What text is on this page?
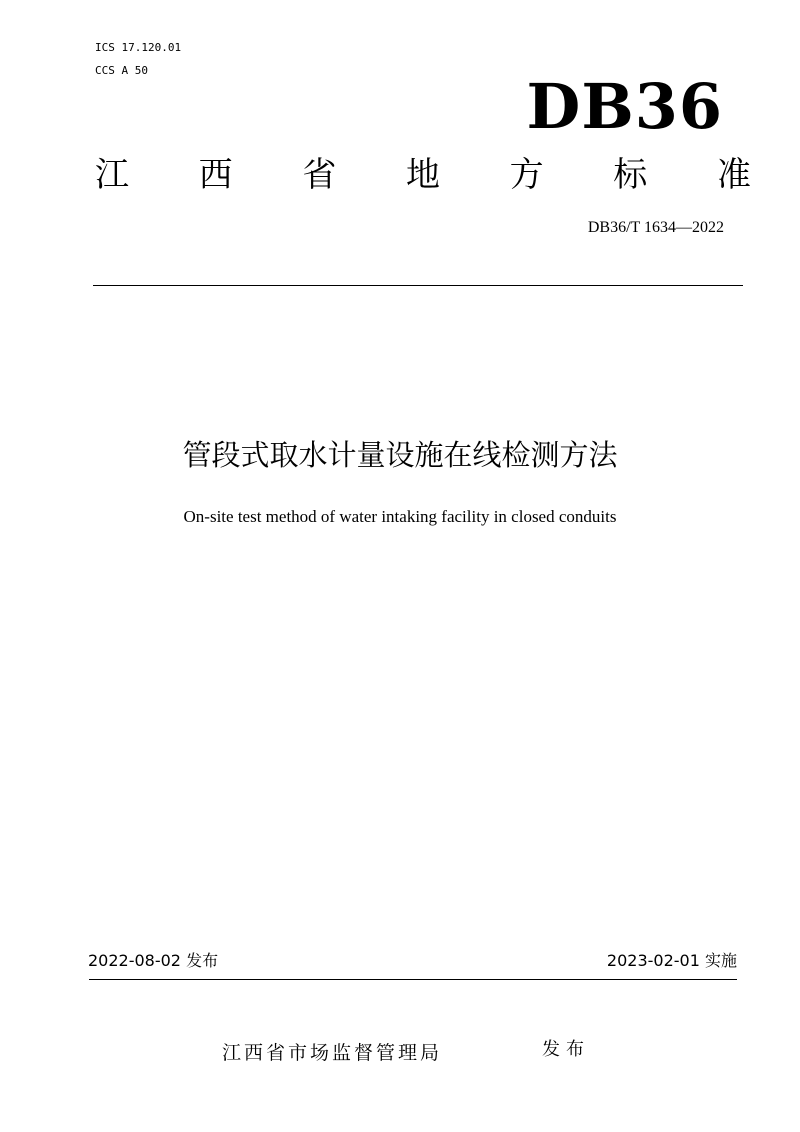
ICS 17.120.01
CCS A 50	DB36
江 西 省 地 方 标 准
DB36/T 1634—2022
管段式取水计量设施在线检测方法
On-site test method of water intaking facility in closed conduits
2022-08-02 发布	2023-02-01 实施
江西省市场监督管理局	发布
